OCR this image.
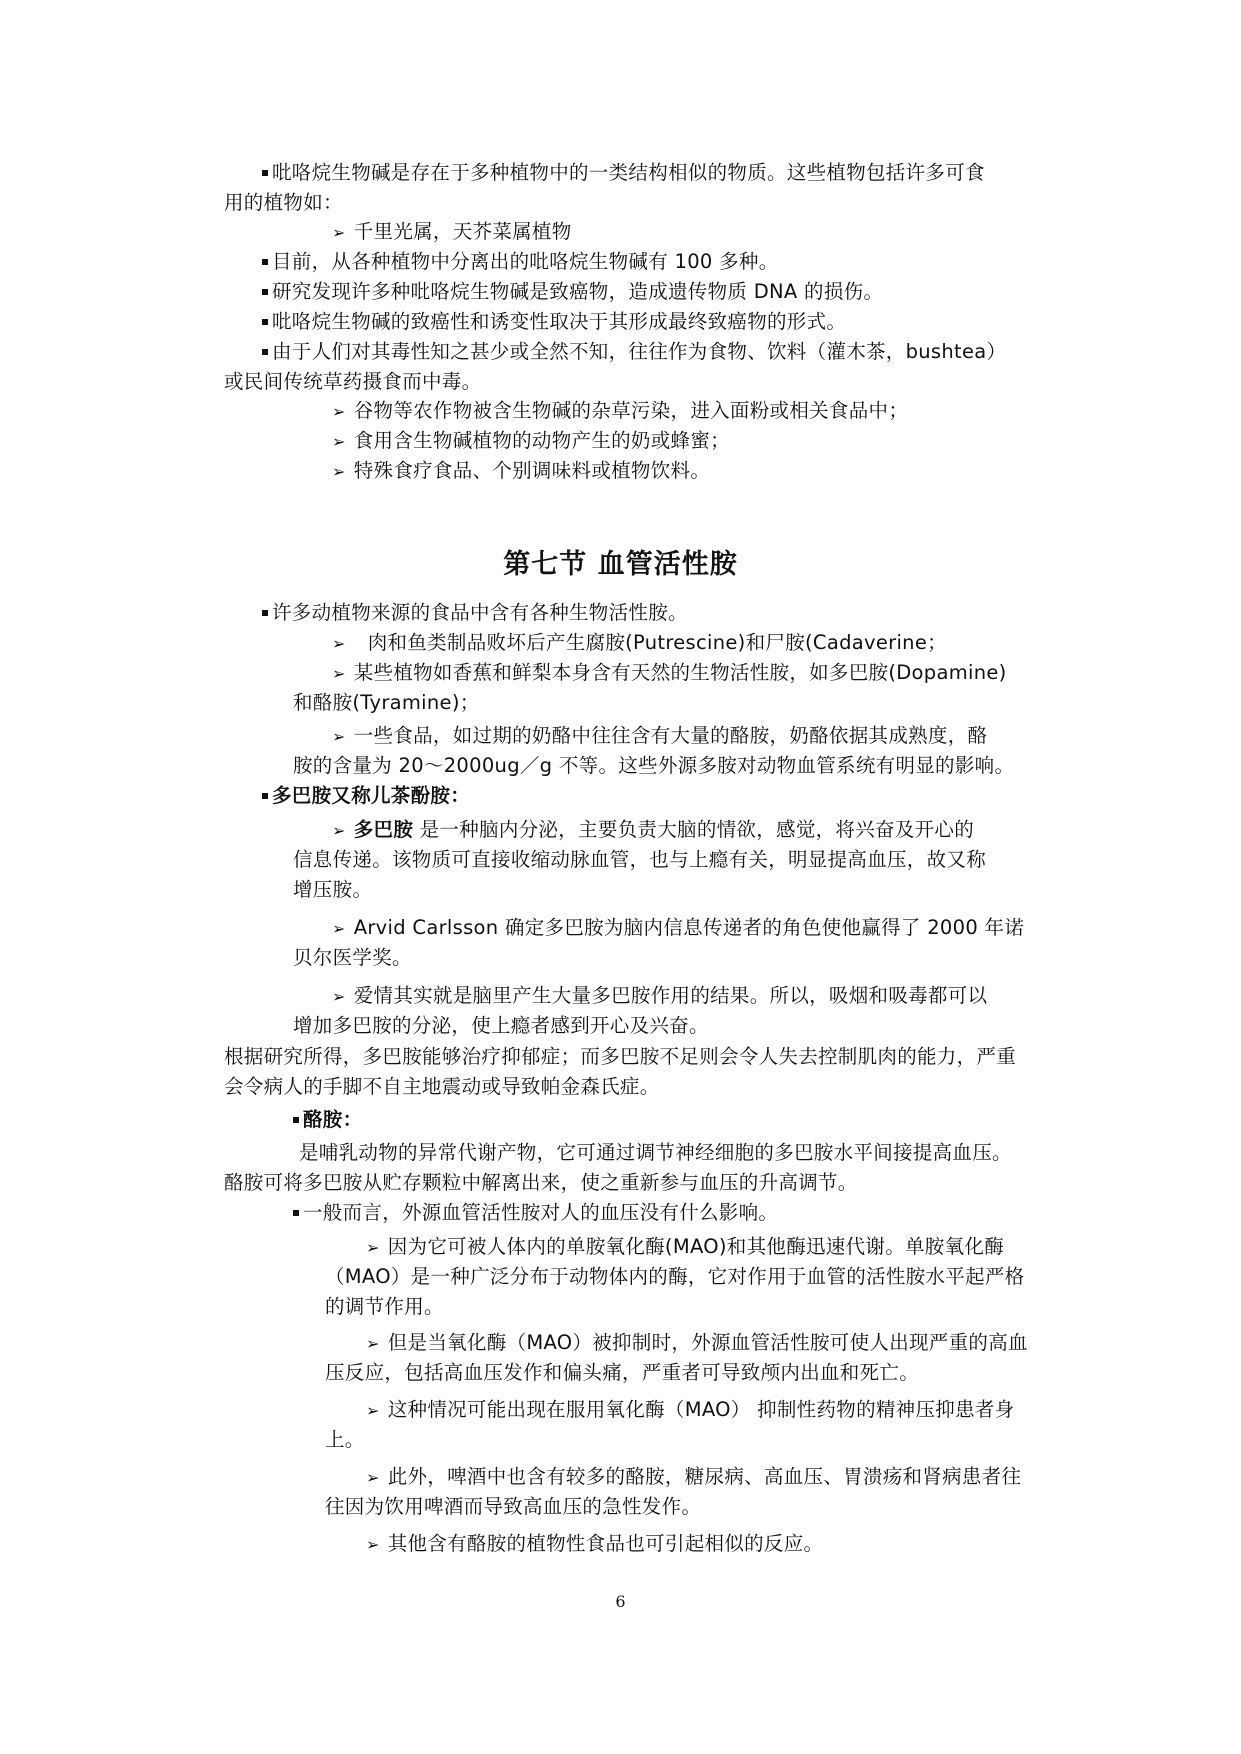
吡咯烷生物碱是存在于多种植物中的一类结构相似的物质。这些植物包括许多可食
用的植物如：
➢ 千里光属，天芥菜属植物
目前，从各种植物中分离出的吡咯烷生物碱有 100 多种。
研究发现许多种吡咯烷生物碱是致癌物，造成遗传物质 DNA 的损伤。
吡咯烷生物碱的致癌性和诱变性取决于其形成最终致癌物的形式。
由于人们对其毒性知之甚少或全然不知，往往作为食物、饮料（灌木茶，bushtea）
或民间传统草药摄食而中毒。
➢ 谷物等农作物被含生物碱的杂草污染，进入面粉或相关食品中；
➢ 食用含生物碱植物的动物产生的奶或蜂蜜；
➢ 特殊食疗食品、个别调味料或植物饮料。
第七节 血管活性胺
许多动植物来源的食品中含有各种生物活性胺。
➢ 肉和鱼类制品败坏后产生腐胺(Putrescine)和尸胺(Cadaverine；
➢ 某些植物如香蕉和鲜梨本身含有天然的生物活性胺，如多巴胺(Dopamine)
和酪胺(Tyramine)；
➢ 一些食品，如过期的奶酪中往往含有大量的酪胺，奶酪依据其成熟度，酪
胺的含量为 20～2000ug／g 不等。这些外源多胺对动物血管系统有明显的影响。
多巴胺又称儿茶酚胺：
➢ 多巴胺 是一种脑内分泌，主要负责大脑的情欲，感觉，将兴奋及开心的
信息传递。该物质可直接收缩动脉血管，也与上瘾有关，明显提高血压，故又称
增压胺。
➢ Arvid Carlsson 确定多巴胺为脑内信息传递者的角色使他赢得了 2000 年诺
贝尔医学奖。
➢ 爱情其实就是脑里产生大量多巴胺作用的结果。所以，吸烟和吸毒都可以
增加多巴胺的分泌，使上瘾者感到开心及兴奋。
根据研究所得，多巴胺能够治疗抑郁症；而多巴胺不足则会令人失去控制肌肉的能力，严重
会令病人的手脚不自主地震动或导致帕金森氏症。
酪胺：
是哺乳动物的异常代谢产物，它可通过调节神经细胞的多巴胺水平间接提高血压。
酪胺可将多巴胺从贮存颗粒中解离出来，使之重新参与血压的升高调节。
一般而言，外源血管活性胺对人的血压没有什么影响。
➢ 因为它可被人体内的单胺氧化酶(MAO)和其他酶迅速代谢。单胺氧化酶
（MAO）是一种广泛分布于动物体内的酶，它对作用于血管的活性胺水平起严格
的调节作用。
➢ 但是当氧化酶（MAO）被抑制时，外源血管活性胺可使人出现严重的高血
压反应，包括高血压发作和偏头痛，严重者可导致颅内出血和死亡。
➢ 这种情况可能出现在服用氧化酶（MAO） 抑制性药物的精神压抑患者身
上。
➢ 此外，啤酒中也含有较多的酪胺，糖尿病、高血压、胃溃疡和肾病患者往
往因为饮用啤酒而导致高血压的急性发作。
➢ 其他含有酪胺的植物性食品也可引起相似的反应。
6
